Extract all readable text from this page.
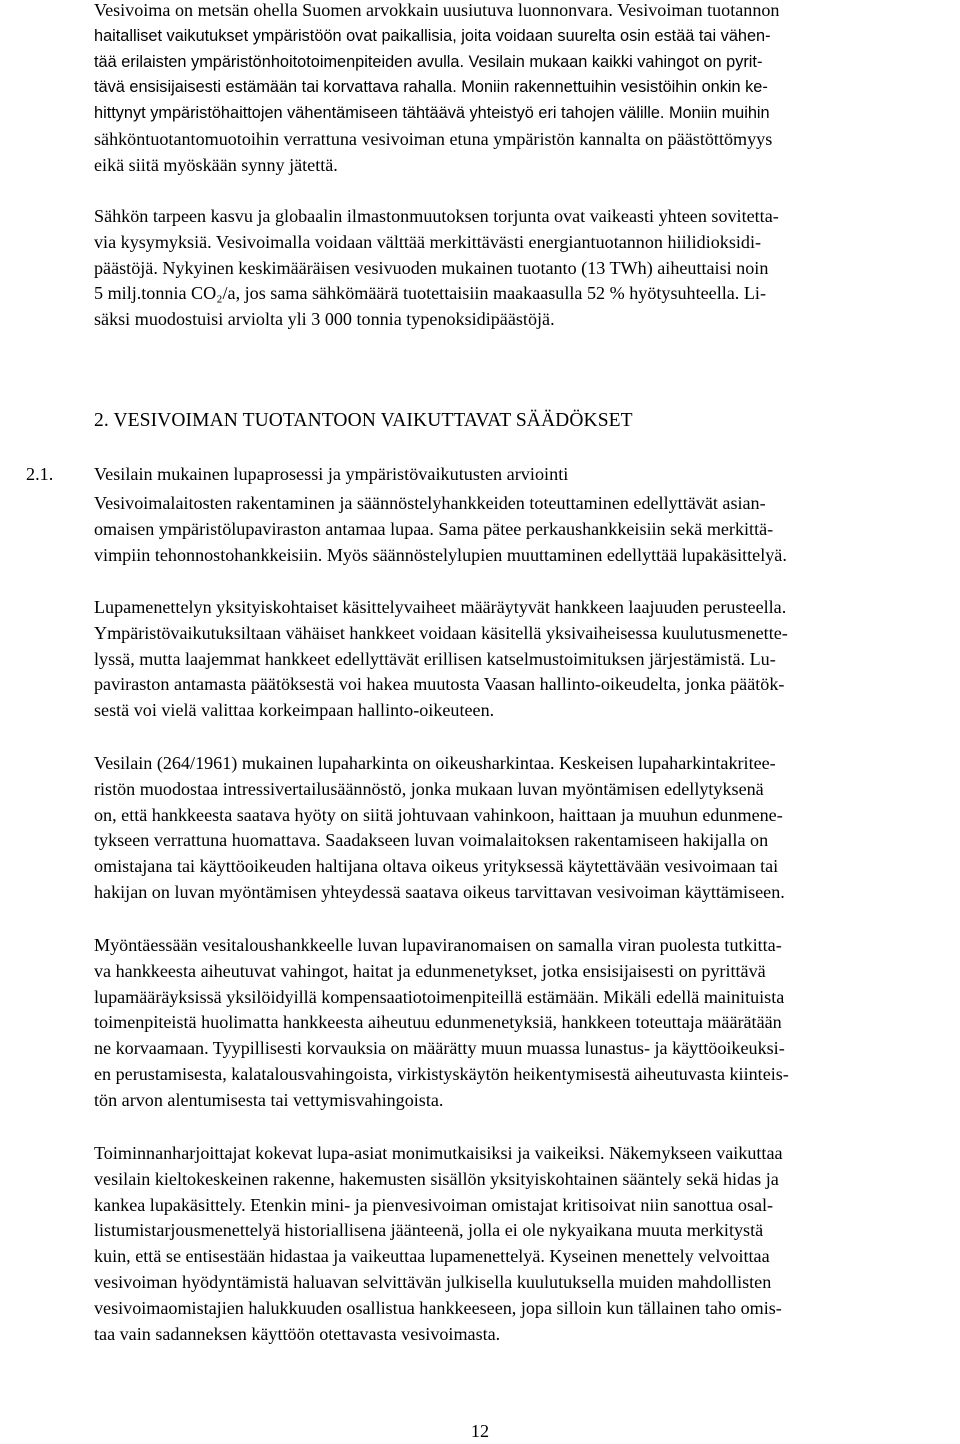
Vesivoima on metsän ohella Suomen arvokkain uusiutuva luonnonvara. Vesivoiman tuotannon
haitalliset vaikutukset ympäristöön ovat paikallisia, joita voidaan suurelta osin estää tai vähen-
tää erilaisten ympäristönhoitotoimenpiteiden avulla. Vesilain mukaan kaikki vahingot on pyrit-
tävä ensisijaisesti estämään tai korvattava rahalla. Moniin rakennettuihin vesistöihin onkin ke-
hittynyt ympäristöhaittojen vähentämiseen tähtäävä yhteistyö eri tahojen välille. Moniin muihin
sähköntuotantomuotoihin verrattuna vesivoiman etuna ympäristön kannalta on päästöttömyys
eikä siitä myöskään synny jätettä.

Sähkön tarpeen kasvu ja globaalin ilmastonmuutoksen torjunta ovat vaikeasti yhteen sovitetta-
via kysymyksiä. Vesivoimalla voidaan välttää merkittävästi energiantuotannon hiilidioksidi-
päästöjä. Nykyinen keskimääräisen vesivuoden mukainen tuotanto (13 TWh) aiheuttaisi noin
5 milj.tonnia CO₂/a, jos sama sähkömäärä tuotettaisiin maakaasulla 52 % hyötysuhteella. Li-
säksi muodostuisi arviolta yli 3 000 tonnia typenoksidipäästöjä.

2. VESIVOIMAN TUOTANTOON VAIKUTTAVAT SÄÄDÖKSET
2.1. Vesilain mukainen lupaprosessi ja ympäristövaikutusten arviointi

Vesivoimalaitosten rakentaminen ja säännöstelyhankkeiden toteuttaminen edellyttävät asian-
omaisen ympäristölupaviraston antamaa lupaa. Sama pätee perkaushankkeisiin sekä merkittä-
vimpiin tehonnostohankkeisiin. Myös säännöstelylupien muuttaminen edellyttää lupakäsittelyä.

Lupamenettelyn yksityiskohtaiset käsittelyvaiheet määräytyvät hankkeen laajuuden perusteella.
Ympäristövaikutuksiltaan vähäiset hankkeet voidaan käsitellä yksivaiheisessa kuulutusmenette-
lyssä, mutta laajemmat hankkeet edellyttävät erillisen katselmustoimituksen järjestämistä. Lu-
paviraston antamasta päätöksestä voi hakea muutosta Vaasan hallinto-oikeudelta, jonka päätök-
sestä voi vielä valittaa korkeimpaan hallinto-oikeuteen.

Vesilain (264/1961) mukainen lupaharkinta on oikeusharkintaa. Keskeisen lupaharkintakritee-
ristön muodostaa intressivertailusäännöstö, jonka mukaan luvan myöntämisen edellytyksenä
on, että hankkeesta saatava hyöty on siitä johtuvaan vahinkoon, haittaan ja muuhun edunmene-
tykseen verrattuna huomattava. Saadakseen luvan voimalaitoksen rakentamiseen hakijalla on
omistajana tai käyttöoikeuden haltijana oltava oikeus yrityksessä käytettävään vesivoimaan tai
hakijan on luvan myöntämisen yhteydessä saatava oikeus tarvittavan vesivoiman käyttämiseen.

Myöntäessään vesitaloushankkeelle luvan lupaviranomaisen on samalla viran puolesta tutkitta-
va hankkeesta aiheutuvat vahingot, haitat ja edunmenetykset, jotka ensisijaisesti on pyrittävä
lupamääräyksissä yksilöidyillä kompensaatiotoimenpiteillä estämään. Mikäli edellä mainituista
toimenpiteistä huolimatta hankkeesta aiheutuu edunmenetyksiä, hankkeen toteuttaja määrätään
ne korvaamaan. Tyypillisesti korvauksia on määrätty muun muassa lunastus- ja käyttöoikeuksi-
en perustamisesta, kalatalousvahingoista, virkistyskäytön heikentymisestä aiheutuvasta kiinteis-
tön arvon alentumisesta tai vettymisvahingoista.

Toiminnanharjoittajat kokevat lupa-asiat monimutkaisiksi ja vaikeiksi. Näkemykseen vaikuttaa
vesilain kieltokeskeinen rakenne, hakemusten sisällön yksityiskohtainen sääntely sekä hidas ja
kankea lupakäsittely. Etenkin mini- ja pienvesivoiman omistajat kritisoivat niin sanottua osal-
listumistarjousmenettelyä historiallisena jäänteenä, jolla ei ole nykyaikana muuta merkitystä
kuin, että se entisestään hidastaa ja vaikeuttaa lupamenettelyä. Kyseinen menettely velvoittaa
vesivoiman hyödyntämistä haluavan selvittävän julkisella kuulutuksella muiden mahdollisten
vesivoimaomistajien halukkuuden osallistua hankkeeseen, jopa silloin kun tällainen taho omis-
taa vain sadanneksen käyttöön otettavasta vesivoimasta.

12
